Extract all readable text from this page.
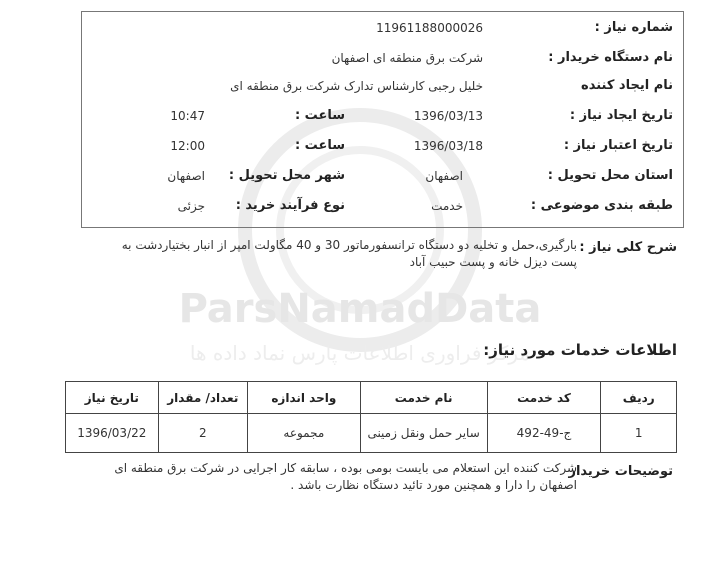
ParsNamadData
مرکز فراوری اطلاعات پارس نماد داده ها
شماره نیاز :
11961188000026
نام دستگاه خریدار :
شرکت برق منطقه ای اصفهان
نام ایجاد کننده
خلیل رجبی کارشناس تدارک شرکت برق منطقه ای
تاریخ ایجاد نیاز :
1396/03/13
ساعت :
10:47
تاریخ اعتبار نیاز :
1396/03/18
ساعت :
12:00
استان محل تحویل :
اصفهان
شهر محل تحویل :
اصفهان
طبقه بندی موضوعی :
خدمت
نوع فرآیند خرید :
جزئی
شرح کلی نیاز :
بارگیری،حمل و تخلیه دو دستگاه ترانسفورماتور 30 و 40 مگاولت امپر از انبار بختیاردشت به پست دیزل خانه و پست حبیب آباد
اطلاعات خدمات مورد نیاز:
ردیف	کد خدمت	نام خدمت	واحد اندازه	تعداد/ مقدار	تاریخ نیاز
1	ج-49-492	سایر حمل ونقل زمینی	مجموعه	2	1396/03/22
توضیحات خریدار
شرکت کننده این استعلام می بایست بومی بوده ، سابقه کار اجرایی در شرکت برق منطقه ای اصفهان را دارا و همچنین مورد تائید دستگاه نظارت باشد .
